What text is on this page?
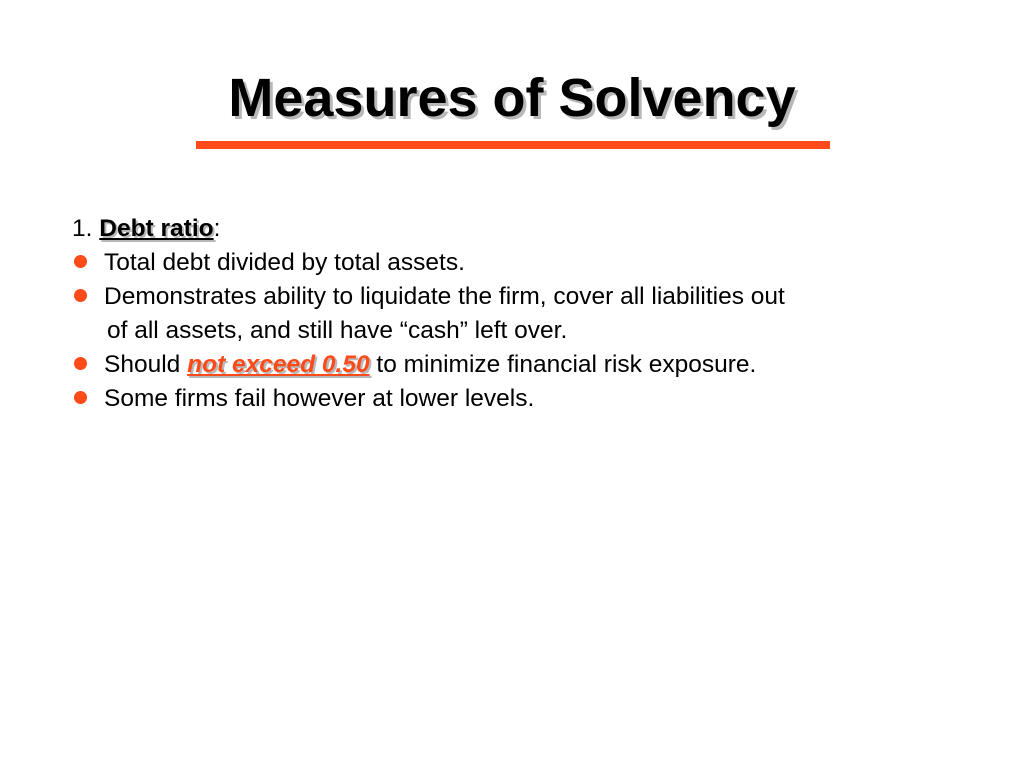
Measures of Solvency
1. Debt ratio:
Total debt divided by total assets.
Demonstrates ability to liquidate the firm, cover all liabilities out
of all assets, and still have “cash” left over.
Should not exceed 0.50 to minimize financial risk exposure.
Some firms fail however at lower levels.
